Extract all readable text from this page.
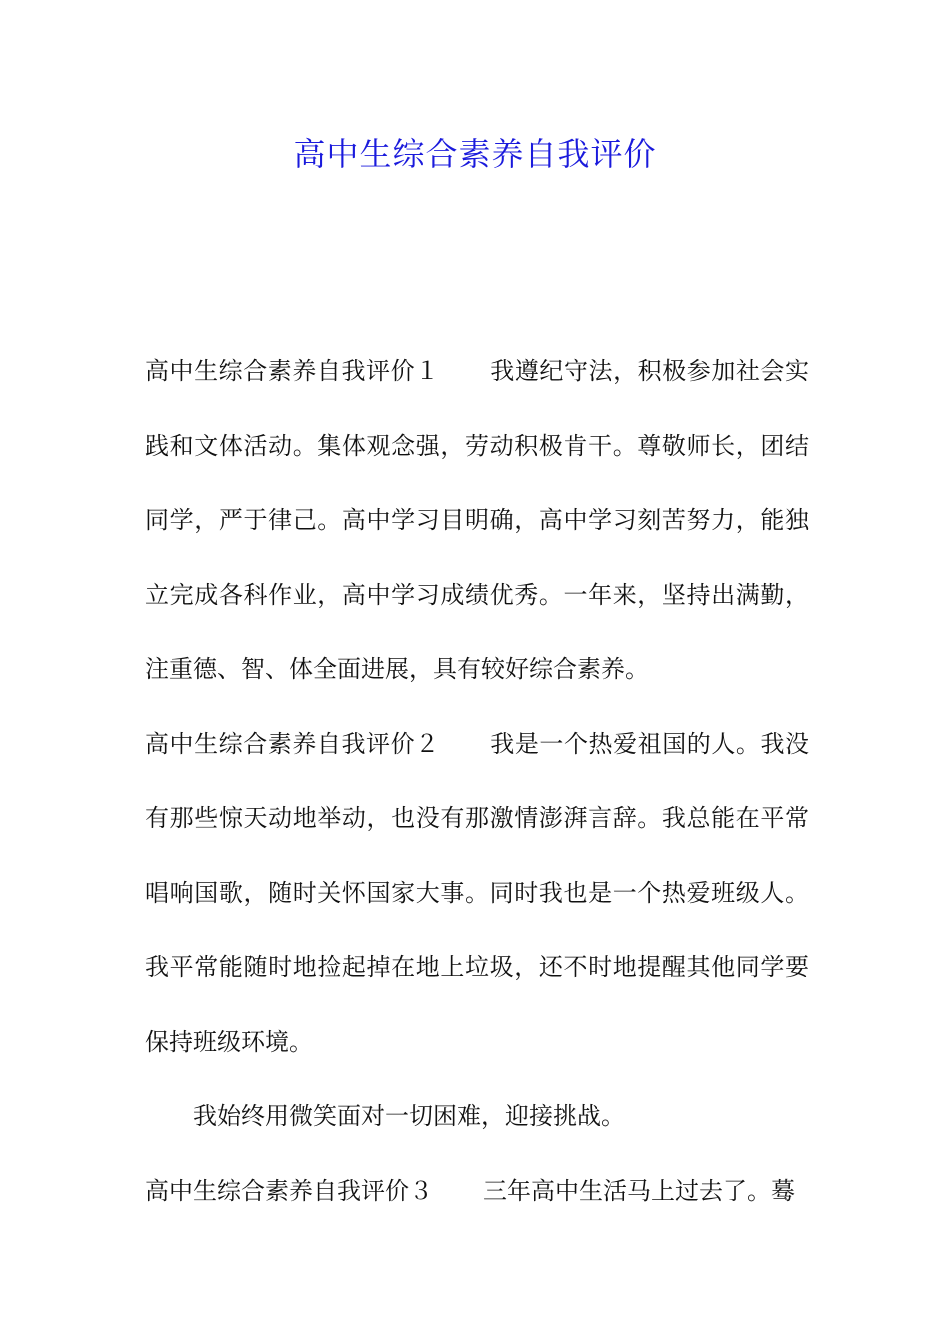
高中生综合素养自我评价

高中生综合素养自我评价１ 我遵纪守法，积极参加社会实践和文体活动。集体观念强，劳动积极肯干。尊敬师长，团结同学，严于律己。高中学习目明确，高中学习刻苦努力，能独立完成各科作业，高中学习成绩优秀。一年来，坚持出满勤，注重德、智、体全面进展，具有较好综合素养。

高中生综合素养自我评价２ 我是一个热爱祖国的人。我没有那些惊天动地举动，也没有那激情澎湃言辞。我总能在平常唱响国歌，随时关怀国家大事。同时我也是一个热爱班级人。我平常能随时地捡起掉在地上垃圾，还不时地提醒其他同学要保持班级环境。

我始终用微笑面对一切困难，迎接挑战。

高中生综合素养自我评价３ 三年高中生活马上过去了。蓦
